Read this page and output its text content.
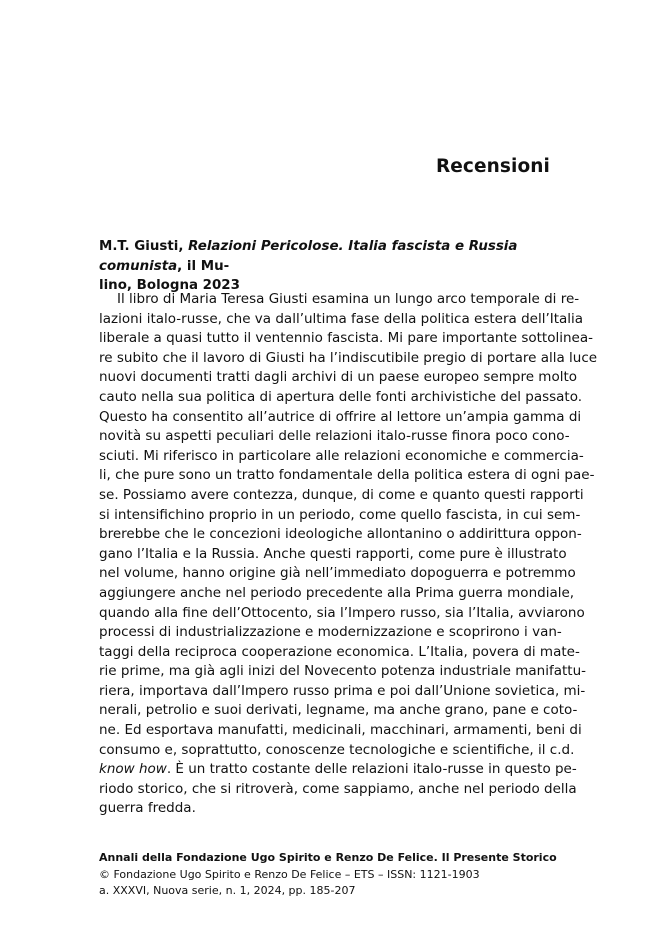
Recensioni

M.T. Giusti, Relazioni Pericolose. Italia fascista e Russia comunista, il Mu-
lino, Bologna 2023

Il libro di Maria Teresa Giusti esamina un lungo arco temporale di re-
lazioni italo-russe, che va dall’ultima fase della politica estera dell’Italia
liberale a quasi tutto il ventennio fascista. Mi pare importante sottolinea-
re subito che il lavoro di Giusti ha l’indiscutibile pregio di portare alla luce
nuovi documenti tratti dagli archivi di un paese europeo sempre molto
cauto nella sua politica di apertura delle fonti archivistiche del passato.
Questo ha consentito all’autrice di offrire al lettore un’ampia gamma di
novità su aspetti peculiari delle relazioni italo-russe finora poco cono-
sciuti. Mi riferisco in particolare alle relazioni economiche e commercia-
li, che pure sono un tratto fondamentale della politica estera di ogni pae-
se. Possiamo avere contezza, dunque, di come e quanto questi rapporti
si intensifichino proprio in un periodo, come quello fascista, in cui sem-
brerebbe che le concezioni ideologiche allontanino o addirittura oppon-
gano l’Italia e la Russia. Anche questi rapporti, come pure è illustrato
nel volume, hanno origine già nell’immediato dopoguerra e potremmo
aggiungere anche nel periodo precedente alla Prima guerra mondiale,
quando alla fine dell’Ottocento, sia l’Impero russo, sia l’Italia, avviarono
processi di industrializzazione e modernizzazione e scoprirono i van-
taggi della reciproca cooperazione economica. L’Italia, povera di mate-
rie prime, ma già agli inizi del Novecento potenza industriale manifattu-
riera, importava dall’Impero russo prima e poi dall’Unione sovietica, mi-
nerali, petrolio e suoi derivati, legname, ma anche grano, pane e coto-
ne. Ed esportava manufatti, medicinali, macchinari, armamenti, beni di
consumo e, soprattutto, conoscenze tecnologiche e scientifiche, il c.d.
know how. È un tratto costante delle relazioni italo-russe in questo pe-
riodo storico, che si ritroverà, come sappiamo, anche nel periodo della
guerra fredda.
Annali della Fondazione Ugo Spirito e Renzo De Felice. Il Presente Storico
© Fondazione Ugo Spirito e Renzo De Felice – ETS – ISSN: 1121-1903
a. XXXVI, Nuova serie, n. 1, 2024, pp. 185-207
